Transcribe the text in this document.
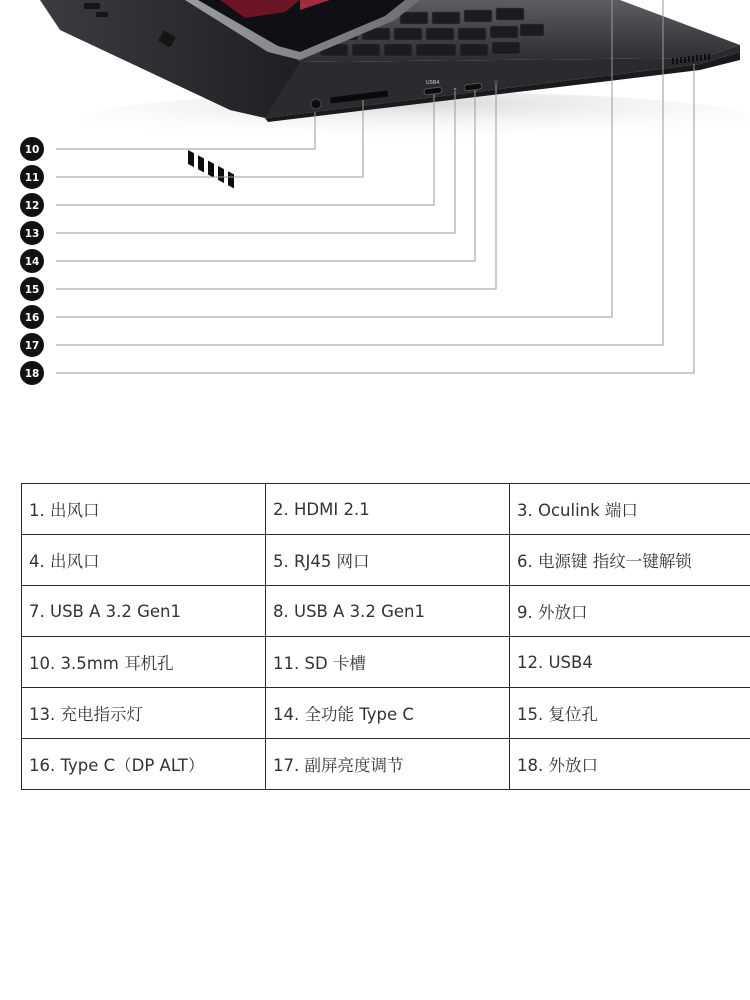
USB4
10
11
12
13
14
15
16
17
18
1. 出风口	2. HDMI 2.1	3. Oculink 端口
4. 出风口	5. RJ45 网口	6. 电源键 指纹一键解锁
7. USB A 3.2 Gen1	8. USB A 3.2 Gen1	9. 外放口
10. 3.5mm 耳机孔	11. SD 卡槽	12. USB4
13. 充电指示灯	14. 全功能 Type C	15. 复位孔
16. Type C（DP ALT）	17. 副屏亮度调节	18. 外放口
